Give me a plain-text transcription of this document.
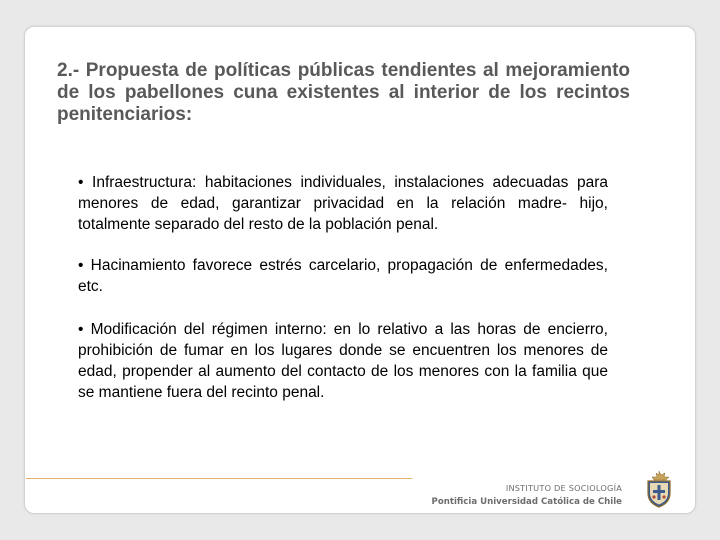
2.- Propuesta de políticas públicas tendientes al mejoramiento de los pabellones cuna existentes al interior de los recintos penitenciarios:

• Infraestructura: habitaciones individuales, instalaciones adecuadas para menores de edad, garantizar privacidad en la relación madre- hijo, totalmente separado del resto de la población penal.

• Hacinamiento favorece estrés carcelario, propagación de enfermedades, etc.

• Modificación del régimen interno: en lo relativo a las horas de encierro, prohibición de fumar en los lugares donde se encuentren los menores de edad, propender al aumento del contacto de los menores con la familia que se mantiene fuera del recinto penal.

INSTITUTO DE SOCIOLOGÍA
Pontificia Universidad Católica de Chile
